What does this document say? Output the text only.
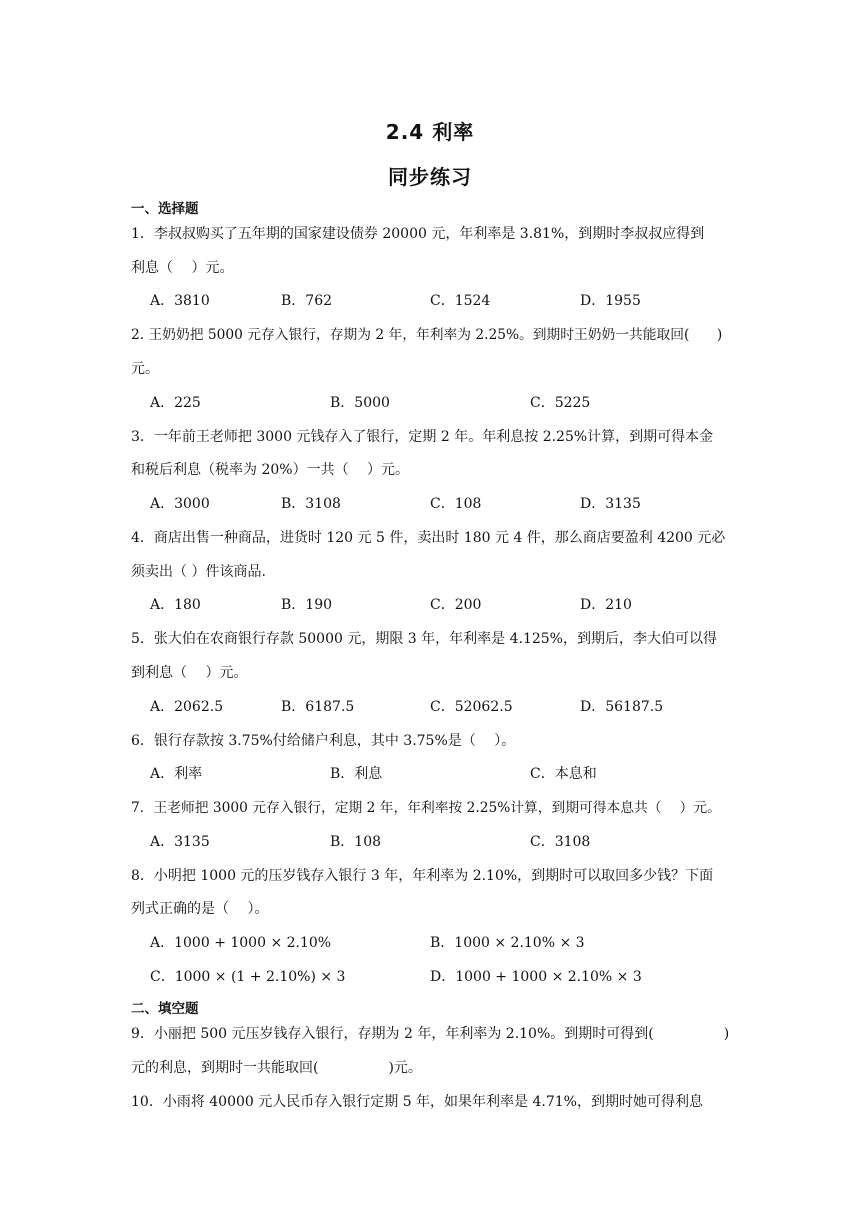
2.4 利率
同步练习
一、选择题
1．李叔叔购买了五年期的国家建设债券 20000 元，年利率是 3.81%，到期时李叔叔应得到
利息（　 ）元。
A．3810	B．762	C．1524	D．1955
2. 王奶奶把 5000 元存入银行，存期为 2 年，年利率为 2.25%。到期时王奶奶一共能取回(　　)
元。
A．225	B．5000	C．5225
3．一年前王老师把 3000 元钱存入了银行，定期 2 年。年利息按 2.25%计算，到期可得本金
和税后利息（税率为 20%）一共（　 ）元。
A．3000	B．3108	C．108	D．3135
4．商店出售一种商品，进货时 120 元 5 件，卖出时 180 元 4 件，那么商店要盈利 4200 元必
须卖出（ ）件该商品.
A．180	B．190	C．200	D．210
5．张大伯在农商银行存款 50000 元，期限 3 年，年利率是 4.125%，到期后，李大伯可以得
到利息（　 ）元。
A．2062.5	B．6187.5	C．52062.5	D．56187.5
6．银行存款按 3.75%付给储户利息，其中 3.75%是（　 ）。
A．利率	B．利息	C．本息和
7．王老师把 3000 元存入银行，定期 2 年，年利率按 2.25%计算，到期可得本息共（　 ）元。
A．3135	B．108	C．3108
8．小明把 1000 元的压岁钱存入银行 3 年，年利率为 2.10%，到期时可以取回多少钱？下面
列式正确的是（　 ）。
A．1000 + 1000 × 2.10%	B．1000 × 2.10% × 3
C．1000 × (1 + 2.10%) × 3	D．1000 + 1000 × 2.10% × 3
二、填空题
9．小丽把 500 元压岁钱存入银行，存期为 2 年，年利率为 2.10%。到期时可得到(　　　　　)
元的利息，到期时一共能取回(　　　　　)元。
10．小雨将 40000 元人民币存入银行定期 5 年，如果年利率是 4.71%，到期时她可得利息
